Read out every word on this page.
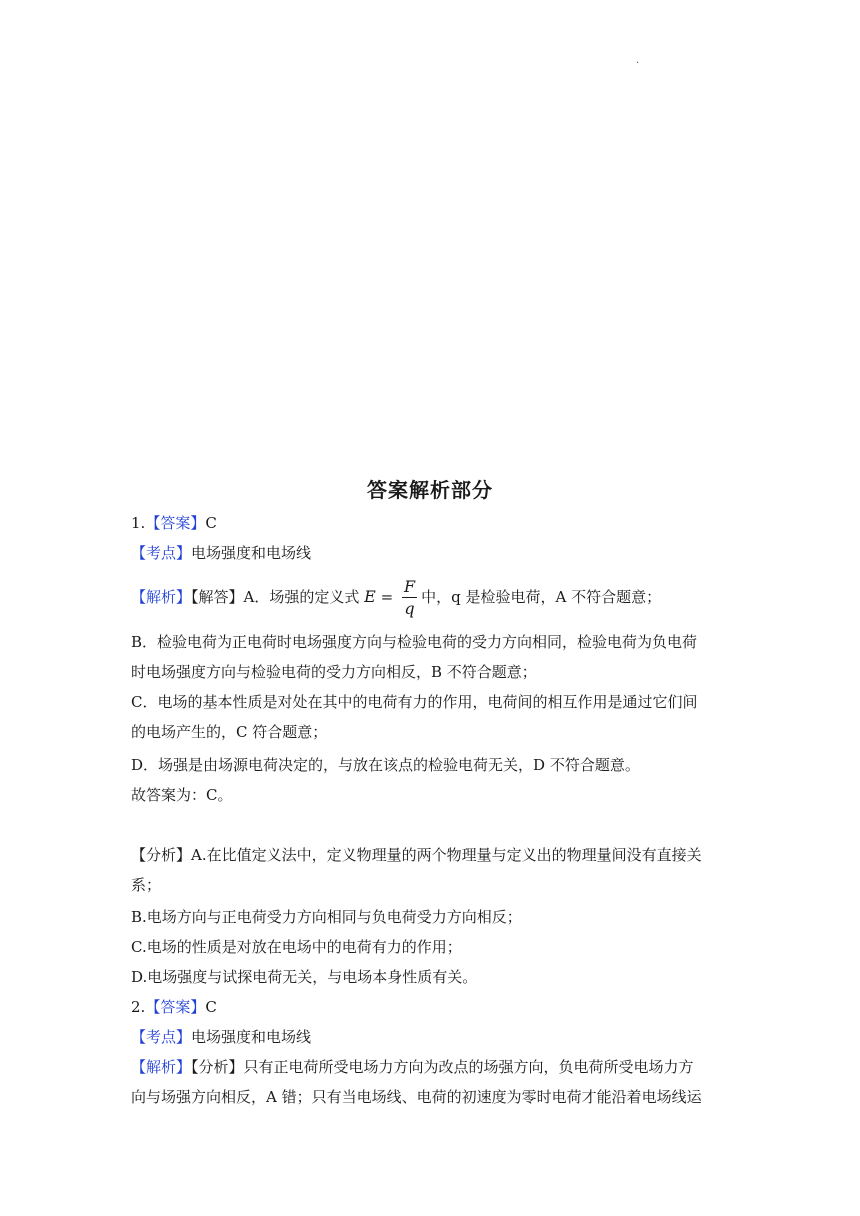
·
答案解析部分
1.【答案】C
【考点】电场强度和电场线
【解析】【解答】A．场强的定义式 $E = \frac{F}{q}$ 中，q 是检验电荷，A 不符合题意；
B．检验电荷为正电荷时电场强度方向与检验电荷的受力方向相同，检验电荷为负电荷
时电场强度方向与检验电荷的受力方向相反，B 不符合题意；
C．电场的基本性质是对处在其中的电荷有力的作用，电荷间的相互作用是通过它们间
的电场产生的，C 符合题意；
D．场强是由场源电荷决定的，与放在该点的检验电荷无关，D 不符合题意。
故答案为：C。
【分析】A.在比值定义法中，定义物理量的两个物理量与定义出的物理量间没有直接关
系；
B.电场方向与正电荷受力方向相同与负电荷受力方向相反；
C.电场的性质是对放在电场中的电荷有力的作用；
D.电场强度与试探电荷无关，与电场本身性质有关。
2.【答案】C
【考点】电场强度和电场线
【解析】【分析】只有正电荷所受电场力方向为改点的场强方向，负电荷所受电场力方
向与场强方向相反，A 错；只有当电场线、电荷的初速度为零时电荷才能沿着电场线运
